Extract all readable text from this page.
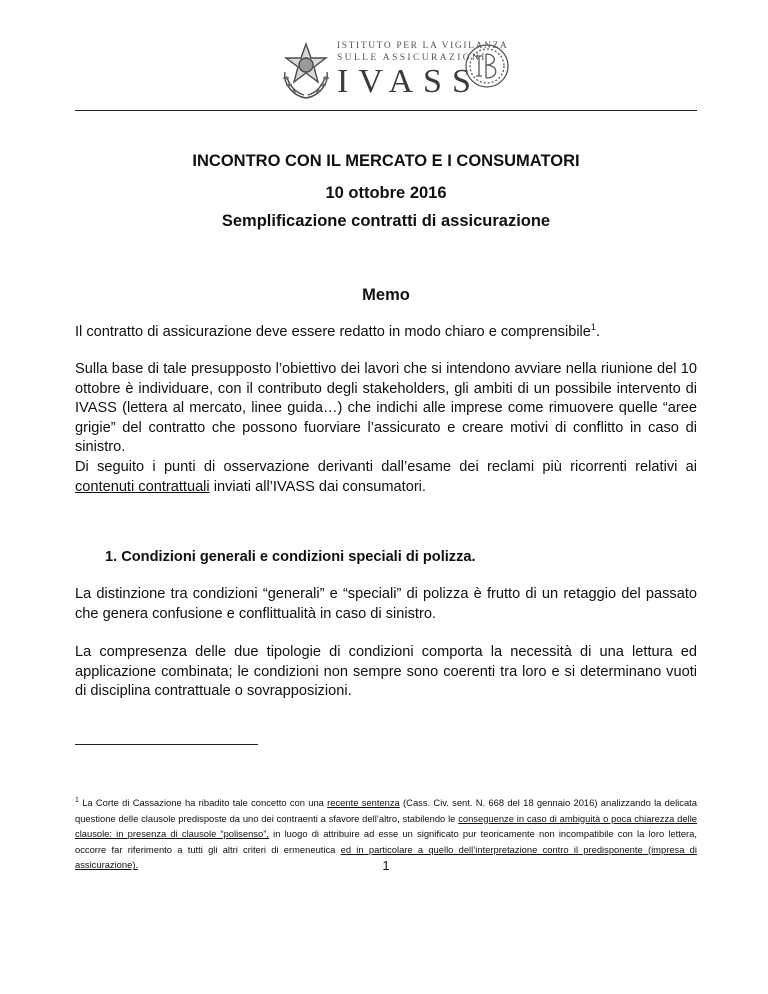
ISTITUTO PER LA VIGILANZA
SULLE ASSICURAZIONI
IVASS
INCONTRO CON IL MERCATO E I CONSUMATORI
10 ottobre 2016
Semplificazione contratti di assicurazione
Memo

Il contratto di assicurazione deve essere redatto in modo chiaro e comprensibile$^1$.

Sulla base di tale presupposto l’obiettivo dei lavori che si intendono avviare nella riunione del 10 ottobre è individuare, con il contributo degli stakeholders, gli ambiti di un possibile intervento di IVASS (lettera al mercato, linee guida…) che indichi alle imprese come rimuovere quelle “aree grigie” del contratto che possono fuorviare l’assicurato e creare motivi di conflitto in caso di sinistro.

Di seguito i punti di osservazione derivanti dall’esame dei reclami più ricorrenti relativi ai contenuti contrattuali inviati all’IVASS dai consumatori.

1. Condizioni generali e condizioni speciali di polizza.

La distinzione tra condizioni “generali” e “speciali” di polizza è frutto di un retaggio del passato che genera confusione e conflittualità in caso di sinistro.

La compresenza delle due tipologie di condizioni comporta la necessità di una lettura ed applicazione combinata; le condizioni non sempre sono coerenti tra loro e si determinano vuoti di disciplina contrattuale o sovrapposizioni.

$^1$ La Corte di Cassazione ha ribadito tale concetto con una recente sentenza (Cass. Civ. sent. N. 668 del 18 gennaio 2016) analizzando la delicata questione delle clausole predisposte da uno dei contraenti a sfavore dell’altro, stabilendo le conseguenze in caso di ambiguità o poca chiarezza delle clausole: in presenza di clausole “polisenso”, in luogo di attribuire ad esse un significato pur teoricamente non incompatibile con la loro lettera, occorre far riferimento a tutti gli altri criteri di ermeneutica ed in particolare a quello dell’interpretazione contro il predisponente (impresa di assicurazione).	1
